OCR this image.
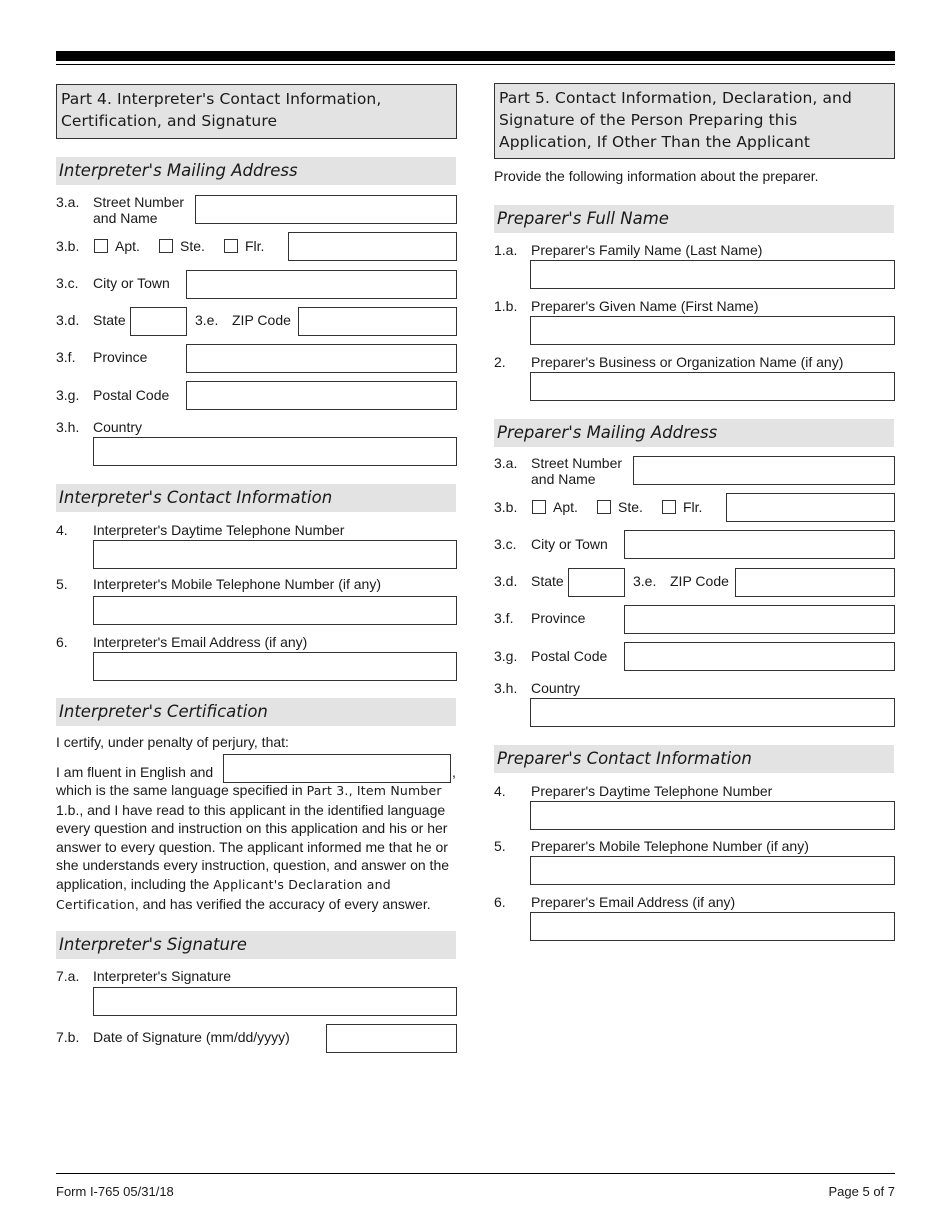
Part 4. Interpreter's Contact Information, Certification, and Signature
Interpreter's Mailing Address
3.a. Street Number
and Name
3.b.	Apt.	Ste.	Flr.
3.c. City or Town
3.d. State	3.e. ZIP Code
3.f. Province
3.g. Postal Code
3.h. Country
Interpreter's Contact Information
4. Interpreter's Daytime Telephone Number
5. Interpreter's Mobile Telephone Number (if any)
6. Interpreter's Email Address (if any)
Interpreter's Certification
I certify, under penalty of perjury, that:
I am fluent in English and	,
which is the same language specified in Part 3., Item Number
1.b., and I have read to this applicant in the identified language
every question and instruction on this application and his or her
answer to every question. The applicant informed me that he or
she understands every instruction, question, and answer on the
application, including the Applicant's Declaration and
Certification, and has verified the accuracy of every answer.
Interpreter's Signature
7.a. Interpreter's Signature
7.b. Date of Signature (mm/dd/yyyy)
Part 5. Contact Information, Declaration, and Signature of the Person Preparing this Application, If Other Than the Applicant
Provide the following information about the preparer.
Preparer's Full Name
1.a. Preparer's Family Name (Last Name)
1.b. Preparer's Given Name (First Name)
2. Preparer's Business or Organization Name (if any)
Preparer's Mailing Address
3.a. Street Number
and Name
3.b.	Apt.	Ste.	Flr.
3.c. City or Town
3.d. State	3.e. ZIP Code
3.f. Province
3.g. Postal Code
3.h. Country
Preparer's Contact Information
4. Preparer's Daytime Telephone Number
5. Preparer's Mobile Telephone Number (if any)
6. Preparer's Email Address (if any)
Form I-765 05/31/18	Page 5 of 7
